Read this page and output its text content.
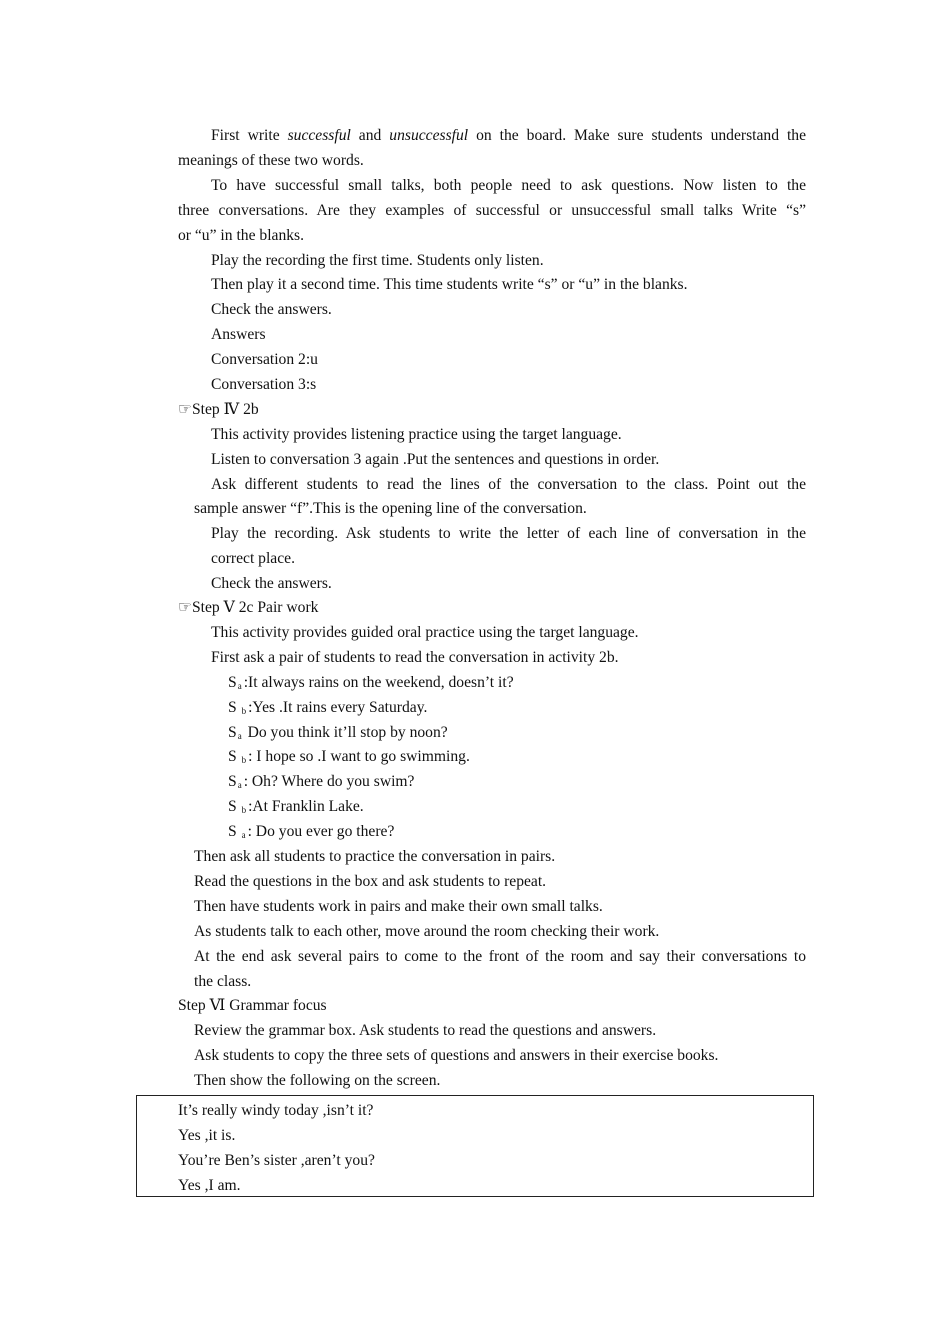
First write successful and unsuccessful on the board. Make sure students understand the
meanings of these two words.
To have successful small talks, both people need to ask questions. Now listen to the
three conversations. Are they examples of successful or unsuccessful small talks Write “s”
or “u” in the blanks.
Play the recording the first time. Students only listen.
Then play it a second time. This time students write “s” or “u” in the blanks.
Check the answers.
Answers
Conversation 2:u
Conversation 3:s
☞Step Ⅳ 2b
This activity provides listening practice using the target language.
Listen to conversation 3 again .Put the sentences and questions in order.
Ask different students to read the lines of the conversation to the class. Point out the
sample answer “f”.This is the opening line of the conversation.
Play the recording. Ask students to write the letter of each line of conversation in the
correct place.
Check the answers.
☞Step Ⅴ 2c Pair work
This activity provides guided oral practice using the target language.
First ask a pair of students to read the conversation in activity 2b.
$S_a$ :It always rains on the weekend, doesn’t it?
S $_b$ :Yes .It rains every Saturday.
$S_a$ Do you think it’ll stop by noon?
S $_b$ : I hope so .I want to go swimming.
$S_a$ : Oh? Where do you swim?
S $_b$ :At Franklin Lake.
S $_a$ : Do you ever go there?
Then ask all students to practice the conversation in pairs.
Read the questions in the box and ask students to repeat.
Then have students work in pairs and make their own small talks.
As students talk to each other, move around the room checking their work.
At the end ask several pairs to come to the front of the room and say their conversations to
the class.
Step Ⅵ Grammar focus
Review the grammar box. Ask students to read the questions and answers.
Ask students to copy the three sets of questions and answers in their exercise books.
Then show the following on the screen.
It’s really windy today ,isn’t it?
Yes ,it is.
You’re Ben’s sister ,aren’t you?
Yes ,I am.
